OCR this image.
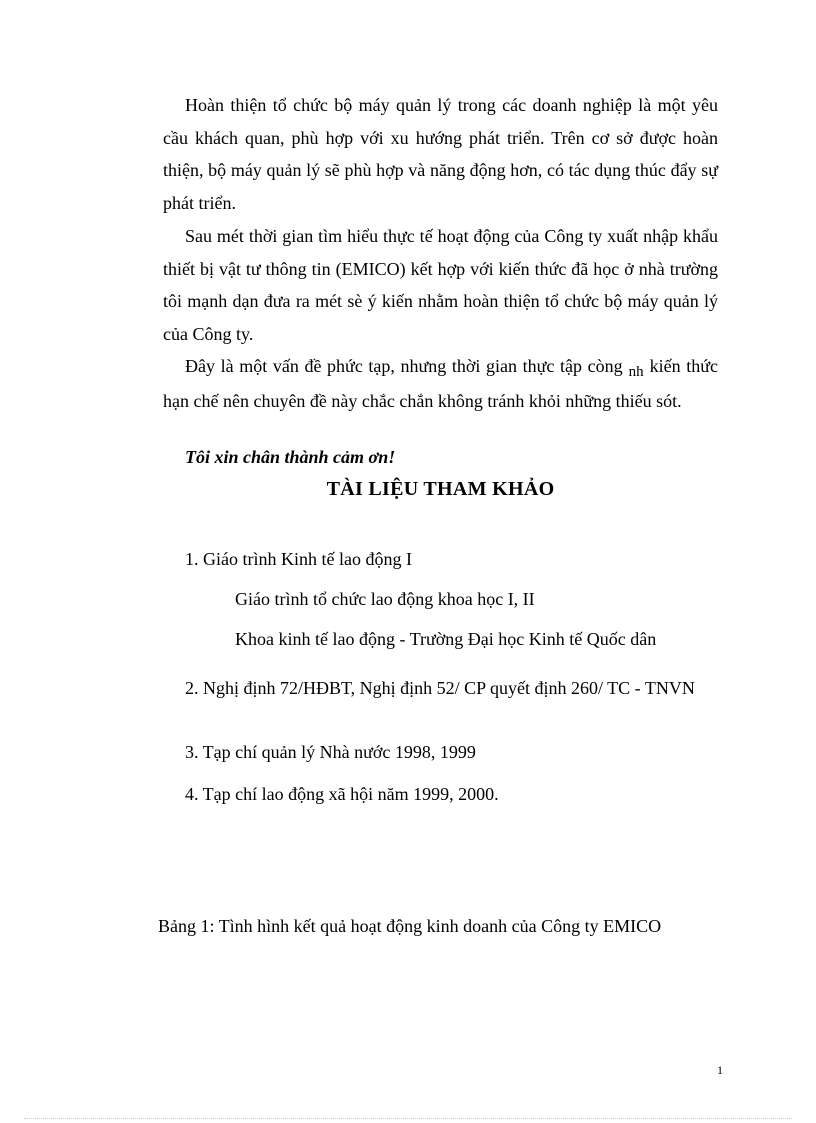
Hoàn thiện tổ chức bộ máy quản lý trong các doanh nghiệp là một yêu cầu khách quan, phù hợp với xu hướng phát triển. Trên cơ sở được hoàn thiện, bộ máy quản lý sẽ phù hợp và năng động hơn, có tác dụng thúc đẩy sự phát triển.

Sau mét thời gian tìm hiểu thực tế hoạt động của Công ty xuất nhập khẩu thiết bị vật tư thông tin (EMICO) kết hợp với kiến thức đã học ở nhà trường tôi mạnh dạn đưa ra mét sè ý kiến nhằm hoàn thiện tổ chức bộ máy quản lý của Công ty.

Đây là một vấn đề phức tạp, nhưng thời gian thực tập còng $_{nh}$ kiến thức hạn chế nên chuyên đề này chắc chắn không tránh khỏi những thiếu sót.

Tôi xin chân thành cảm ơn!

TÀI LIỆU THAM KHẢO

1. Giáo trình Kinh tế lao động I

Giáo trình tổ chức lao động khoa học I, II

Khoa kinh tế lao động - Trường Đại học Kinh tế Quốc dân

2. Nghị định 72/HĐBT, Nghị định 52/ CP quyết định 260/ TC - TNVN

3. Tạp chí quản lý Nhà nước 1998, 1999

4. Tạp chí lao động xã hội năm 1999, 2000.

Bảng 1: Tình hình kết quả hoạt động kinh doanh của Công ty EMICO

1
